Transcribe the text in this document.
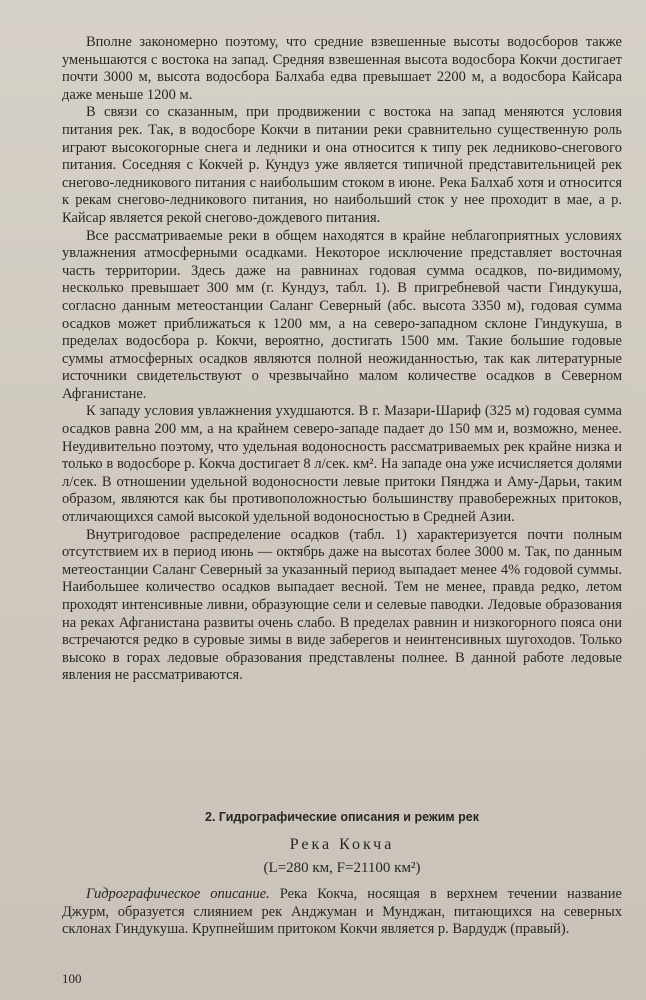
Вполне закономерно поэтому, что средние взвешенные высоты водосборов также уменьшаются с востока на запад. Средняя взвешенная высота водосбора Кокчи достигает почти 3000 м, высота водосбора Балхаба едва превышает 2200 м, а водосбора Кайсара даже меньше 1200 м.

В связи со сказанным, при продвижении с востока на запад меняются условия питания рек. Так, в водосборе Кокчи в питании реки сравнительно существенную роль играют высокогорные снега и ледники и она относится к типу рек ледниково-снегового питания. Соседняя с Кокчей р. Кундуз уже является типичной представительницей рек снегово-ледникового питания с наибольшим стоком в июне. Река Балхаб хотя и относится к рекам снегово-ледникового питания, но наибольший сток у нее проходит в мае, а р. Кайсар является рекой снегово-дождевого питания.

Все рассматриваемые реки в общем находятся в крайне неблагоприятных условиях увлажнения атмосферными осадками. Некоторое исключение представляет восточная часть территории. Здесь даже на равнинах годовая сумма осадков, по-видимому, несколько превышает 300 мм (г. Кундуз, табл. 1). В пригребневой части Гиндукуша, согласно данным метеостанции Саланг Северный (абс. высота 3350 м), годовая сумма осадков может приближаться к 1200 мм, а на северо-западном склоне Гиндукуша, в пределах водосбора р. Кокчи, вероятно, достигать 1500 мм. Такие большие годовые суммы атмосферных осадков являются полной неожиданностью, так как литературные источники свидетельствуют о чрезвычайно малом количестве осадков в Северном Афганистане.

К западу условия увлажнения ухудшаются. В г. Мазари-Шариф (325 м) годовая сумма осадков равна 200 мм, а на крайнем северо-западе падает до 150 мм и, возможно, менее. Неудивительно поэтому, что удельная водоносность рассматриваемых рек крайне низка и только в водосборе р. Кокча достигает 8 л/сек. км². На западе она уже исчисляется долями л/сек. В отношении удельной водоносности левые притоки Пянджа и Аму-Дарьи, таким образом, являются как бы противоположностью большинству правобережных притоков, отличающихся самой высокой удельной водоносностью в Средней Азии.

Внутригодовое распределение осадков (табл. 1) характеризуется почти полным отсутствием их в период июнь — октябрь даже на высотах более 3000 м. Так, по данным метеостанции Саланг Северный за указанный период выпадает менее 4% годовой суммы. Наибольшее количество осадков выпадает весной. Тем не менее, правда редко, летом проходят интенсивные ливни, образующие сели и селевые паводки. Ледовые образования на реках Афганистана развиты очень слабо. В пределах равнин и низкогорного пояса они встречаются редко в суровые зимы в виде заберегов и неинтенсивных шугоходов. Только высоко в горах ледовые образования представлены полнее. В данной работе ледовые явления не рассматриваются.

2. Гидрографические описания и режим рек
Река Кокча
(L=280 км, F=21100 км²)
Гидрографическое описание. Река Кокча, носящая в верхнем течении название Джурм, образуется слиянием рек Анджуман и Мунджан, питающихся на северных склонах Гиндукуша. Крупнейшим притоком Кокчи является р. Вардудж (правый).
100
